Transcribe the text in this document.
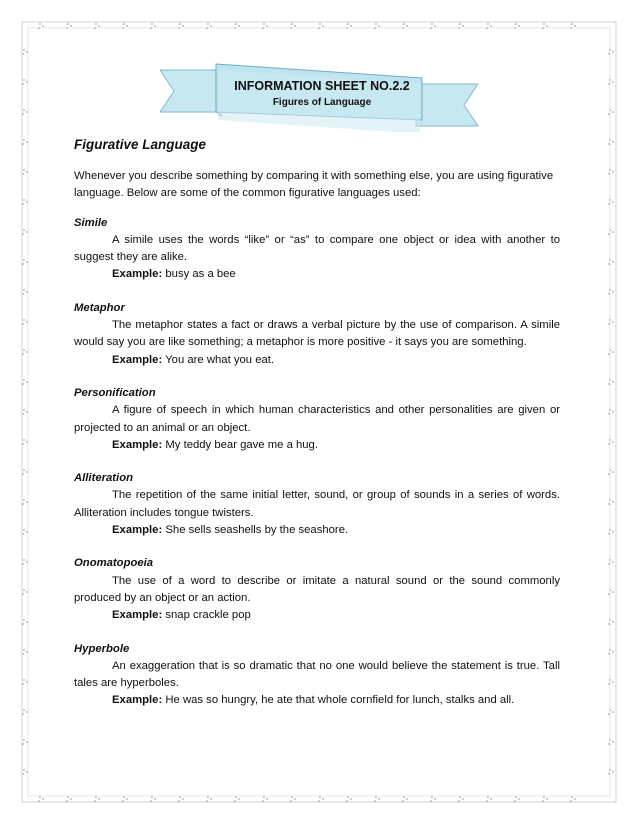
INFORMATION SHEET NO.2.2
Figures of Language
Figurative Language

Whenever you describe something by comparing it with something else, you are using figurative language. Below are some of the common figurative languages used:

Simile

A simile uses the words “like” or “as” to compare one object or idea with another to suggest they are alike.

Example: busy as a bee

Metaphor

The metaphor states a fact or draws a verbal picture by the use of comparison. A simile would say you are like something; a metaphor is more positive - it says you are something.

Example: You are what you eat.

Personification

A figure of speech in which human characteristics and other personalities are given or projected to an animal or an object.

Example: My teddy bear gave me a hug.

Alliteration

The repetition of the same initial letter, sound, or group of sounds in a series of words. Alliteration includes tongue twisters.

Example: She sells seashells by the seashore.

Onomatopoeia

The use of a word to describe or imitate a natural sound or the sound commonly produced by an object or an action.

Example: snap crackle pop

Hyperbole

An exaggeration that is so dramatic that no one would believe the statement is true. Tall tales are hyperboles.

Example: He was so hungry, he ate that whole cornfield for lunch, stalks and all.
